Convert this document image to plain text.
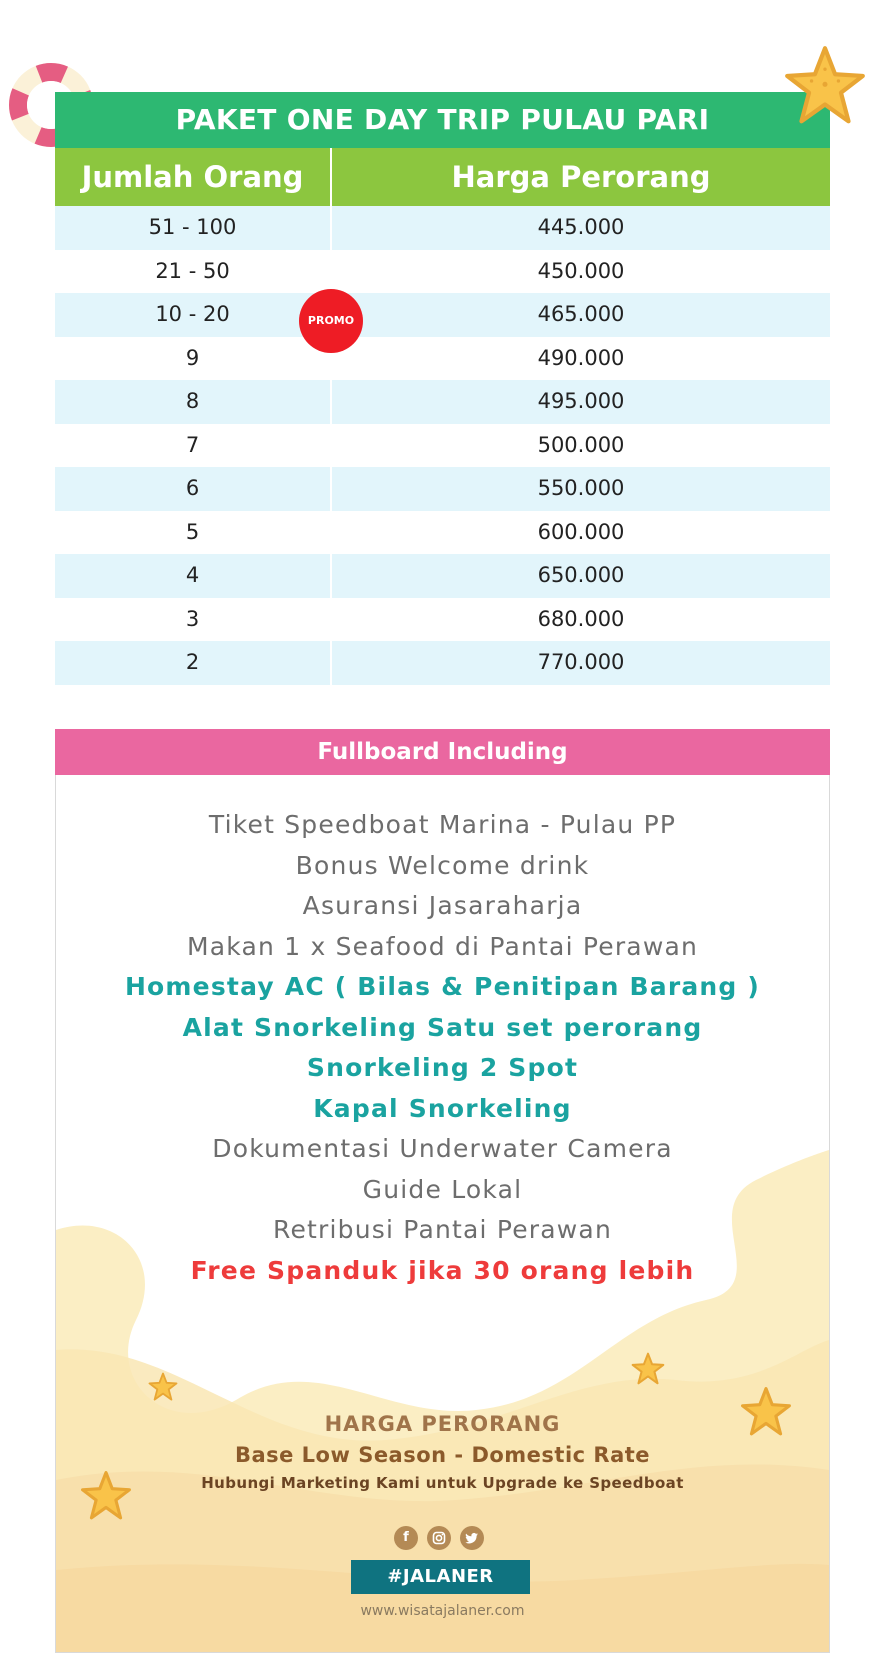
PAKET ONE DAY TRIP PULAU PARI
Jumlah Orang	Harga Perorang
51 - 100	445.000
21 - 50	450.000
10 - 20	465.000
9	490.000
8	495.000
7	500.000
6	550.000
5	600.000
4	650.000
3	680.000
2	770.000
PROMO
Fullboard Including
Tiket Speedboat Marina - Pulau PP
Bonus Welcome drink
Asuransi Jasaraharja
Makan 1 x Seafood di Pantai Perawan
Homestay AC ( Bilas & Penitipan Barang )
Alat Snorkeling Satu set perorang
Snorkeling 2 Spot
Kapal Snorkeling
Dokumentasi Underwater Camera
Guide Lokal
Retribusi Pantai Perawan
Free Spanduk jika 30 orang lebih
HARGA PERORANG
Base Low Season - Domestic Rate
Hubungi Marketing Kami untuk Upgrade ke Speedboat
f
#JALANER
www.wisatajalaner.com
